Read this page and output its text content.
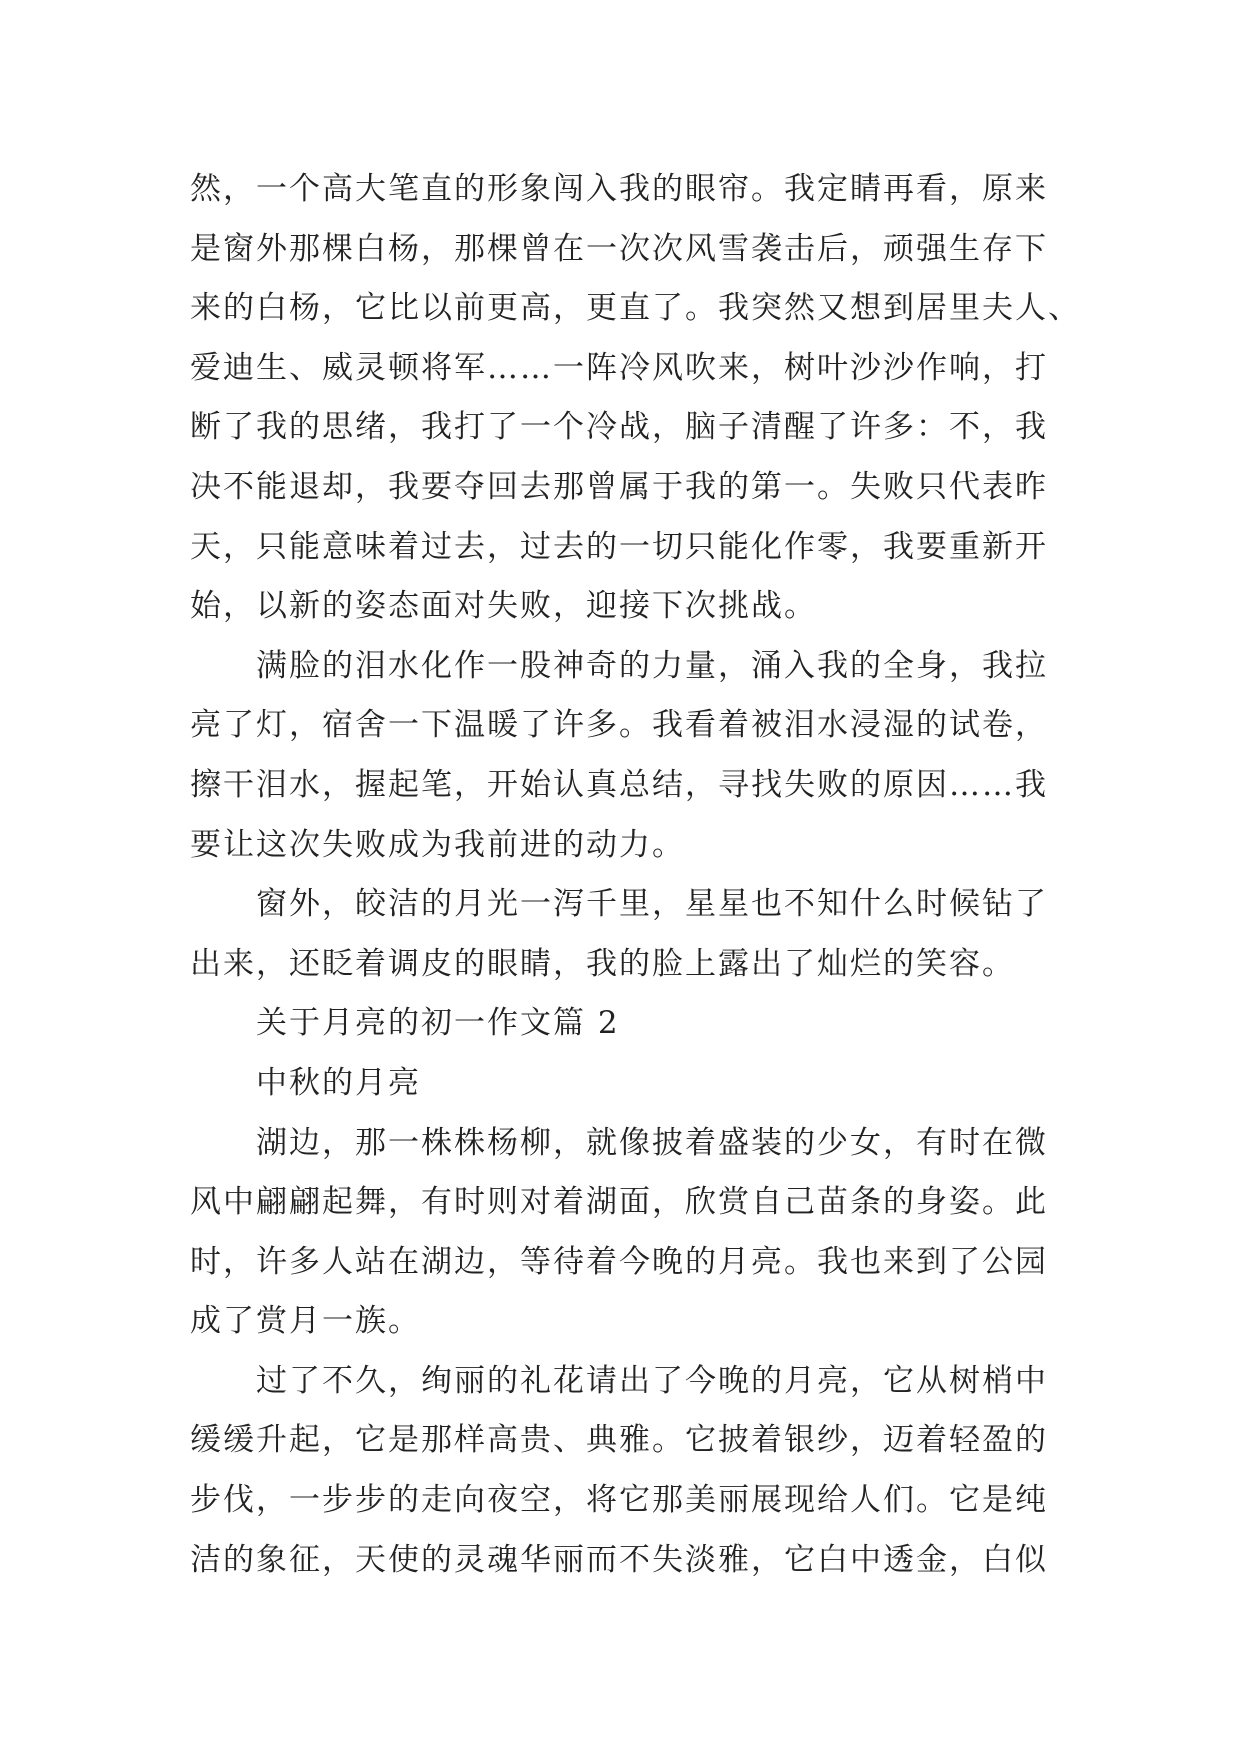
然，一个高大笔直的形象闯入我的眼帘。我定睛再看，原来
是窗外那棵白杨，那棵曾在一次次风雪袭击后，顽强生存下
来的白杨，它比以前更高，更直了。我突然又想到居里夫人、
爱迪生、威灵顿将军……一阵冷风吹来，树叶沙沙作响，打
断了我的思绪，我打了一个冷战，脑子清醒了许多：不，我
决不能退却，我要夺回去那曾属于我的第一。失败只代表昨
天，只能意味着过去，过去的一切只能化作零，我要重新开
始，以新的姿态面对失败，迎接下次挑战。
满脸的泪水化作一股神奇的力量，涌入我的全身，我拉
亮了灯，宿舍一下温暖了许多。我看着被泪水浸湿的试卷，
擦干泪水，握起笔，开始认真总结，寻找失败的原因……我
要让这次失败成为我前进的动力。
窗外，皎洁的月光一泻千里，星星也不知什么时候钻了
出来，还眨着调皮的眼睛，我的脸上露出了灿烂的笑容。
关于月亮的初一作文篇 2
中秋的月亮
湖边，那一株株杨柳，就像披着盛装的少女，有时在微
风中翩翩起舞，有时则对着湖面，欣赏自己苗条的身姿。此
时，许多人站在湖边，等待着今晚的月亮。我也来到了公园
成了赏月一族。
过了不久，绚丽的礼花请出了今晚的月亮，它从树梢中
缓缓升起，它是那样高贵、典雅。它披着银纱，迈着轻盈的
步伐，一步步的走向夜空，将它那美丽展现给人们。它是纯
洁的象征，天使的灵魂华丽而不失淡雅，它白中透金，白似
